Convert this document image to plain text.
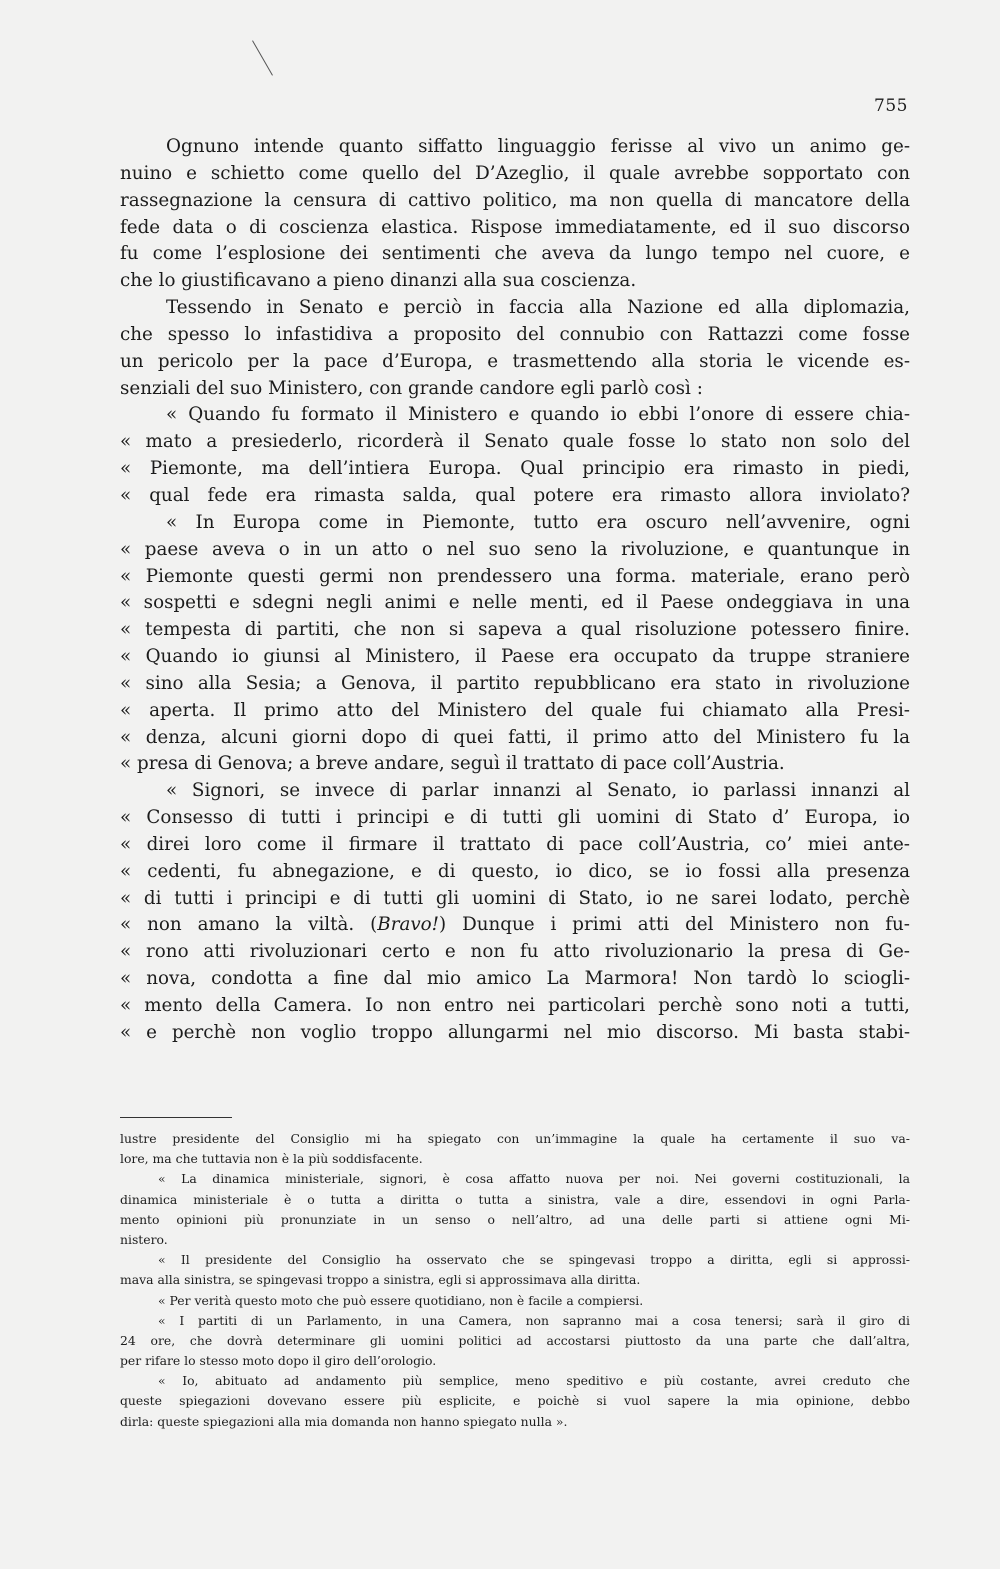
755
Ognuno intende quanto siffatto linguaggio ferisse al vivo un animo ge-
nuino e schietto come quello del D’Azeglio, il quale avrebbe sopportato con
rassegnazione la censura di cattivo politico, ma non quella di mancatore della
fede data o di coscienza elastica. Rispose immediatamente, ed il suo discorso
fu come l’esplosione dei sentimenti che aveva da lungo tempo nel cuore, e
che lo giustificavano a pieno dinanzi alla sua coscienza.
Tessendo in Senato e perciò in faccia alla Nazione ed alla diplomazia,
che spesso lo infastidiva a proposito del connubio con Rattazzi come fosse
un pericolo per la pace d’Europa, e trasmettendo alla storia le vicende es-
senziali del suo Ministero, con grande candore egli parlò così :
« Quando fu formato il Ministero e quando io ebbi l’onore di essere chia-
« mato a presiederlo, ricorderà il Senato quale fosse lo stato non solo del
« Piemonte, ma dell’intiera Europa. Qual principio era rimasto in piedi,
« qual fede era rimasta salda, qual potere era rimasto allora inviolato?
« In Europa come in Piemonte, tutto era oscuro nell’avvenire, ogni
« paese aveva o in un atto o nel suo seno la rivoluzione, e quantunque in
« Piemonte questi germi non prendessero una forma. materiale, erano però
« sospetti e sdegni negli animi e nelle menti, ed il Paese ondeggiava in una
« tempesta di partiti, che non si sapeva a qual risoluzione potessero finire.
« Quando io giunsi al Ministero, il Paese era occupato da truppe straniere
« sino alla Sesia; a Genova, il partito repubblicano era stato in rivoluzione
« aperta. Il primo atto del Ministero del quale fui chiamato alla Presi-
« denza, alcuni giorni dopo di quei fatti, il primo atto del Ministero fu la
« presa di Genova; a breve andare, seguì il trattato di pace coll’Austria.
« Signori, se invece di parlar innanzi al Senato, io parlassi innanzi al
« Consesso di tutti i principi e di tutti gli uomini di Stato d’ Europa, io
« direi loro come il firmare il trattato di pace coll’Austria, co’ miei ante-
« cedenti, fu abnegazione, e di questo, io dico, se io fossi alla presenza
« di tutti i principi e di tutti gli uomini di Stato, io ne sarei lodato, perchè
« non amano la viltà. (Bravo!) Dunque i primi atti del Ministero non fu-
« rono atti rivoluzionari certo e non fu atto rivoluzionario la presa di Ge-
« nova, condotta a fine dal mio amico La Marmora! Non tardò lo sciogli-
« mento della Camera. Io non entro nei particolari perchè sono noti a tutti,
« e perchè non voglio troppo allungarmi nel mio discorso. Mi basta stabi-
lustre presidente del Consiglio mi ha spiegato con un’immagine la quale ha certamente il suo va-
lore, ma che tuttavia non è la più soddisfacente.
« La dinamica ministeriale, signori, è cosa affatto nuova per noi. Nei governi costituzionali, la
dinamica ministeriale è o tutta a diritta o tutta a sinistra, vale a dire, essendovi in ogni Parla-
mento opinioni più pronunziate in un senso o nell’altro, ad una delle parti si attiene ogni Mi-
nistero.
« Il presidente del Consiglio ha osservato che se spingevasi troppo a diritta, egli si approssi-
mava alla sinistra, se spingevasi troppo a sinistra, egli si approssimava alla diritta.
« Per verità questo moto che può essere quotidiano, non è facile a compiersi.
« I partiti di un Parlamento, in una Camera, non sapranno mai a cosa tenersi; sarà il giro di
24 ore, che dovrà determinare gli uomini politici ad accostarsi piuttosto da una parte che dall’altra,
per rifare lo stesso moto dopo il giro dell’orologio.
« Io, abituato ad andamento più semplice, meno speditivo e più costante, avrei creduto che
queste spiegazioni dovevano essere più esplicite, e poichè si vuol sapere la mia opinione, debbo
dirla: queste spiegazioni alla mia domanda non hanno spiegato nulla ».
